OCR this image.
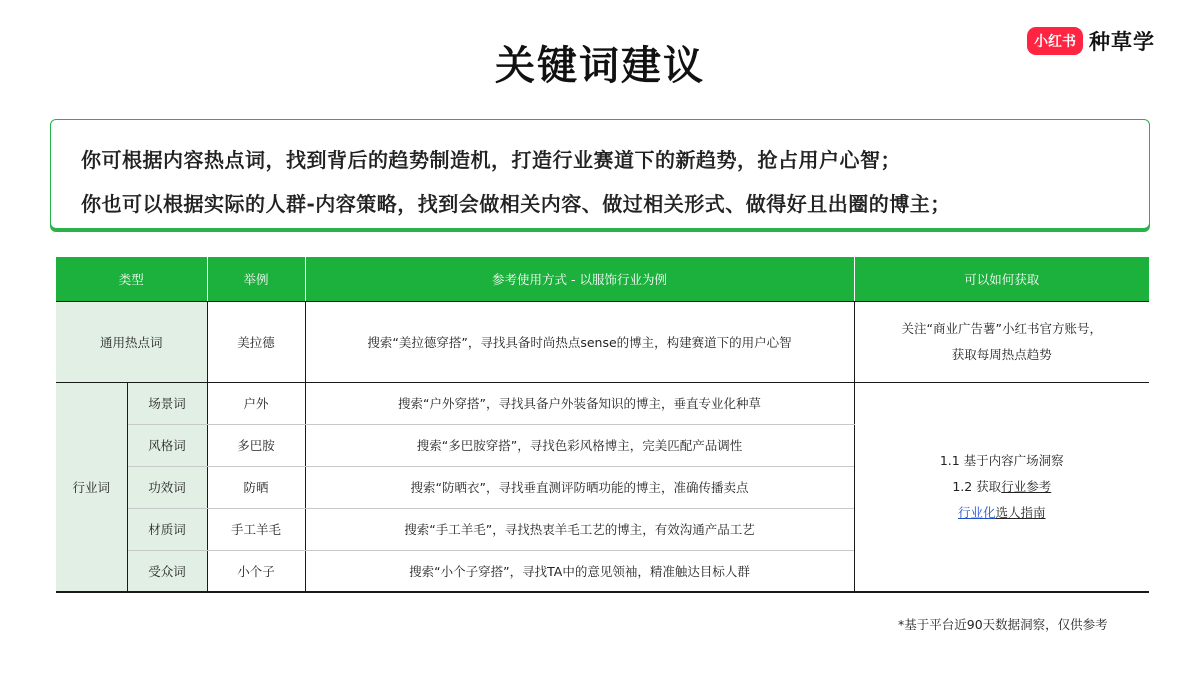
关键词建议
小红书 种草学

你可根据内容热点词，找到背后的趋势制造机，打造行业赛道下的新趋势，抢占用户心智；

你也可以根据实际的人群-内容策略，找到会做相关内容、做过相关形式、做得好且出圈的博主；

类型		举例	参考使用方式 - 以服饰行业为例	可以如何获取
通用热点词		美拉德	搜索“美拉德穿搭”，寻找具备时尚热点sense的博主，构建赛道下的用户心智	关注“商业广告薯”小红书官方账号，
获取每周热点趋势

行业词	场景词	户外	搜索“户外穿搭”，寻找具备户外装备知识的博主，垂直专业化种草	1.1 基于内容广场洞察
1.2 获取行业参考
行业化选人指南

	风格词	多巴胺	搜索“多巴胺穿搭”，寻找色彩风格博主，完美匹配产品调性	
	功效词	防晒	搜索“防晒衣”，寻找垂直测评防晒功能的博主，准确传播卖点	
	材质词	手工羊毛	搜索“手工羊毛”，寻找热衷羊毛工艺的博主，有效沟通产品工艺	
	受众词	小个子	搜索“小个子穿搭”，寻找TA中的意见领袖，精准触达目标人群	
*基于平台近90天数据洞察，仅供参考
